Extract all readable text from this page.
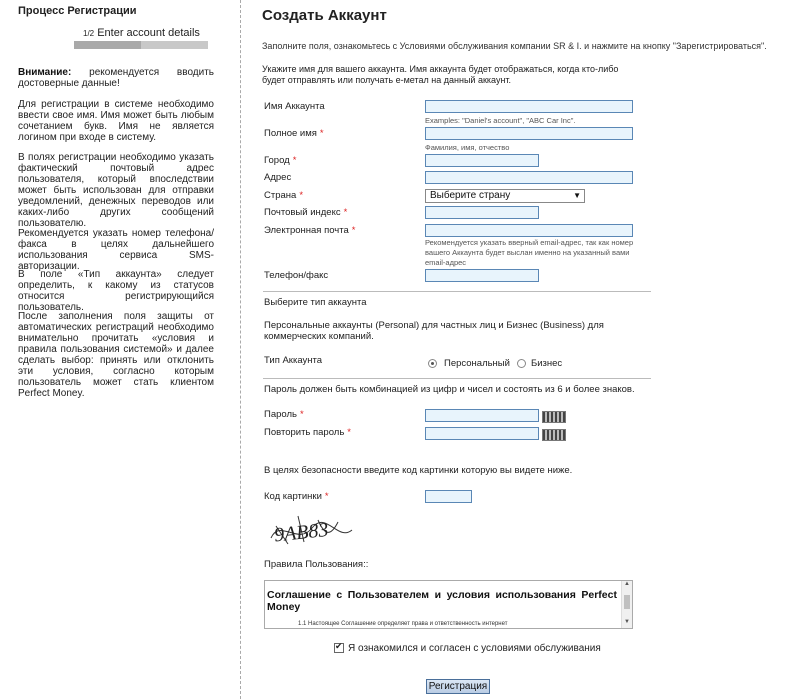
Процесс Регистрации
1/2 Enter account details
Внимание: рекомендуется вводить достоверные данные!
Для регистрации в системе необходимо ввести свое имя. Имя может быть любым сочетанием букв. Имя не является логином при входе в систему.
В полях регистрации необходимо указать фактический почтовый адрес пользователя, который впоследствии может быть использован для отправки уведомлений, денежных переводов или каких-либо других сообщений пользователю.
Рекомендуется указать номер телефона/факса в целях дальнейшего использования сервиса SMS-авторизации.
В поле «Тип аккаунта» следует определить, к какому из статусов относится регистрирующийся пользователь.
После заполнения поля защиты от автоматических регистраций необходимо внимательно прочитать «условия и правила пользования системой» и далее сделать выбор: принять или отклонить эти условия, согласно которым пользователь может стать клиентом Perfect Money.
Создать Аккаунт
Заполните поля, ознакомьтесь с Условиями обслуживания компании SR & I. и нажмите на кнопку "Зарегистрироваться".
Укажите имя для вашего аккаунта. Имя аккаунта будет отображаться, когда кто-либо будет отправлять или получать е-метал на данный аккаунт.
Имя Аккаунта
Examples: "Daniel's account", "ABC Car Inc".
Полное имя *
Фамилия, имя, отчество
Город *
Адрес
Страна *	Выберите страну	▼
Почтовый индекс *
Электронная почта *
Рекомендуется указать вверный email-адрес, так как номер вашего Аккаунта будет выслан именно на указанный вами email-адрес
Телефон/факс
Выберите тип аккаунта
Персональные аккаунты (Personal) для частных лиц и Бизнес (Business) для коммерческих компаний.
Тип Аккаунта	Персональный Бизнес
Пароль должен быть комбинацией из цифр и чисел и состоять из 6 и более знаков.
Пароль *
Повторить пароль *
В целях безопасности введите код картинки которую вы видете ниже.
Код картинки *
9AB83
Правила Пользования::
Соглашение с Пользователем и условия использования Perfect Money
1.1 Настоящее Соглашение определяет права и ответственность интернет
▲
▼
✔
Я ознакомился и согласен с условиями обслуживания
Регистрация
